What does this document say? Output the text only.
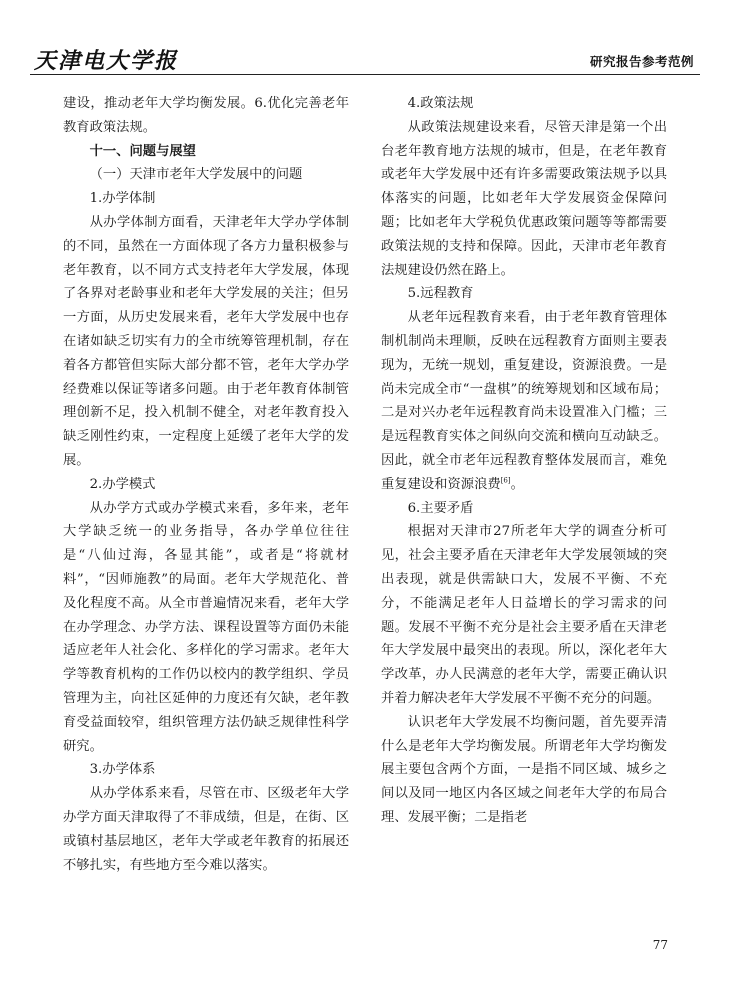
天津电大学报	研究报告参考范例

建设，推动老年大学均衡发展。6.优化完善老年教育政策法规。

十一、问题与展望

（一）天津市老年大学发展中的问题

1.办学体制

从办学体制方面看，天津老年大学办学体制的不同，虽然在一方面体现了各方力量积极参与老年教育，以不同方式支持老年大学发展，体现了各界对老龄事业和老年大学发展的关注；但另一方面，从历史发展来看，老年大学发展中也存在诸如缺乏切实有力的全市统筹管理机制，存在着各方都管但实际大部分都不管，老年大学办学经费难以保证等诸多问题。由于老年教育体制管理创新不足，投入机制不健全，对老年教育投入缺乏刚性约束，一定程度上延缓了老年大学的发展。

2.办学模式

从办学方式或办学模式来看，多年来，老年大学缺乏统一的业务指导，各办学单位往往是“八仙过海，各显其能”，或者是“将就材料”，“因师施教”的局面。老年大学规范化、普及化程度不高。从全市普遍情况来看，老年大学在办学理念、办学方法、课程设置等方面仍未能适应老年人社会化、多样化的学习需求。老年大学等教育机构的工作仍以校内的教学组织、学员管理为主，向社区延伸的力度还有欠缺，老年教育受益面较窄，组织管理方法仍缺乏规律性科学研究。

3.办学体系

从办学体系来看，尽管在市、区级老年大学办学方面天津取得了不菲成绩，但是，在街、区或镇村基层地区，老年大学或老年教育的拓展还不够扎实，有些地方至今难以落实。

4.政策法规

从政策法规建设来看，尽管天津是第一个出台老年教育地方法规的城市，但是，在老年教育或老年大学发展中还有许多需要政策法规予以具体落实的问题，比如老年大学发展资金保障问题；比如老年大学税负优惠政策问题等等都需要政策法规的支持和保障。因此，天津市老年教育法规建设仍然在路上。

5.远程教育

从老年远程教育来看，由于老年教育管理体制机制尚未理顺，反映在远程教育方面则主要表现为，无统一规划，重复建设，资源浪费。一是尚未完成全市“一盘棋”的统筹规划和区域布局；二是对兴办老年远程教育尚未设置准入门槛；三是远程教育实体之间纵向交流和横向互动缺乏。因此，就全市老年远程教育整体发展而言，难免重复建设和资源浪费[6]。

6.主要矛盾

根据对天津市27所老年大学的调查分析可见，社会主要矛盾在天津老年大学发展领域的突出表现，就是供需缺口大，发展不平衡、不充分，不能满足老年人日益增长的学习需求的问题。发展不平衡不充分是社会主要矛盾在天津老年大学发展中最突出的表现。所以，深化老年大学改革，办人民满意的老年大学，需要正确认识并着力解决老年大学发展不平衡不充分的问题。

认识老年大学发展不均衡问题，首先要弄清什么是老年大学均衡发展。所谓老年大学均衡发展主要包含两个方面，一是指不同区域、城乡之间以及同一地区内各区域之间老年大学的布局合理、发展平衡；二是指老

77
